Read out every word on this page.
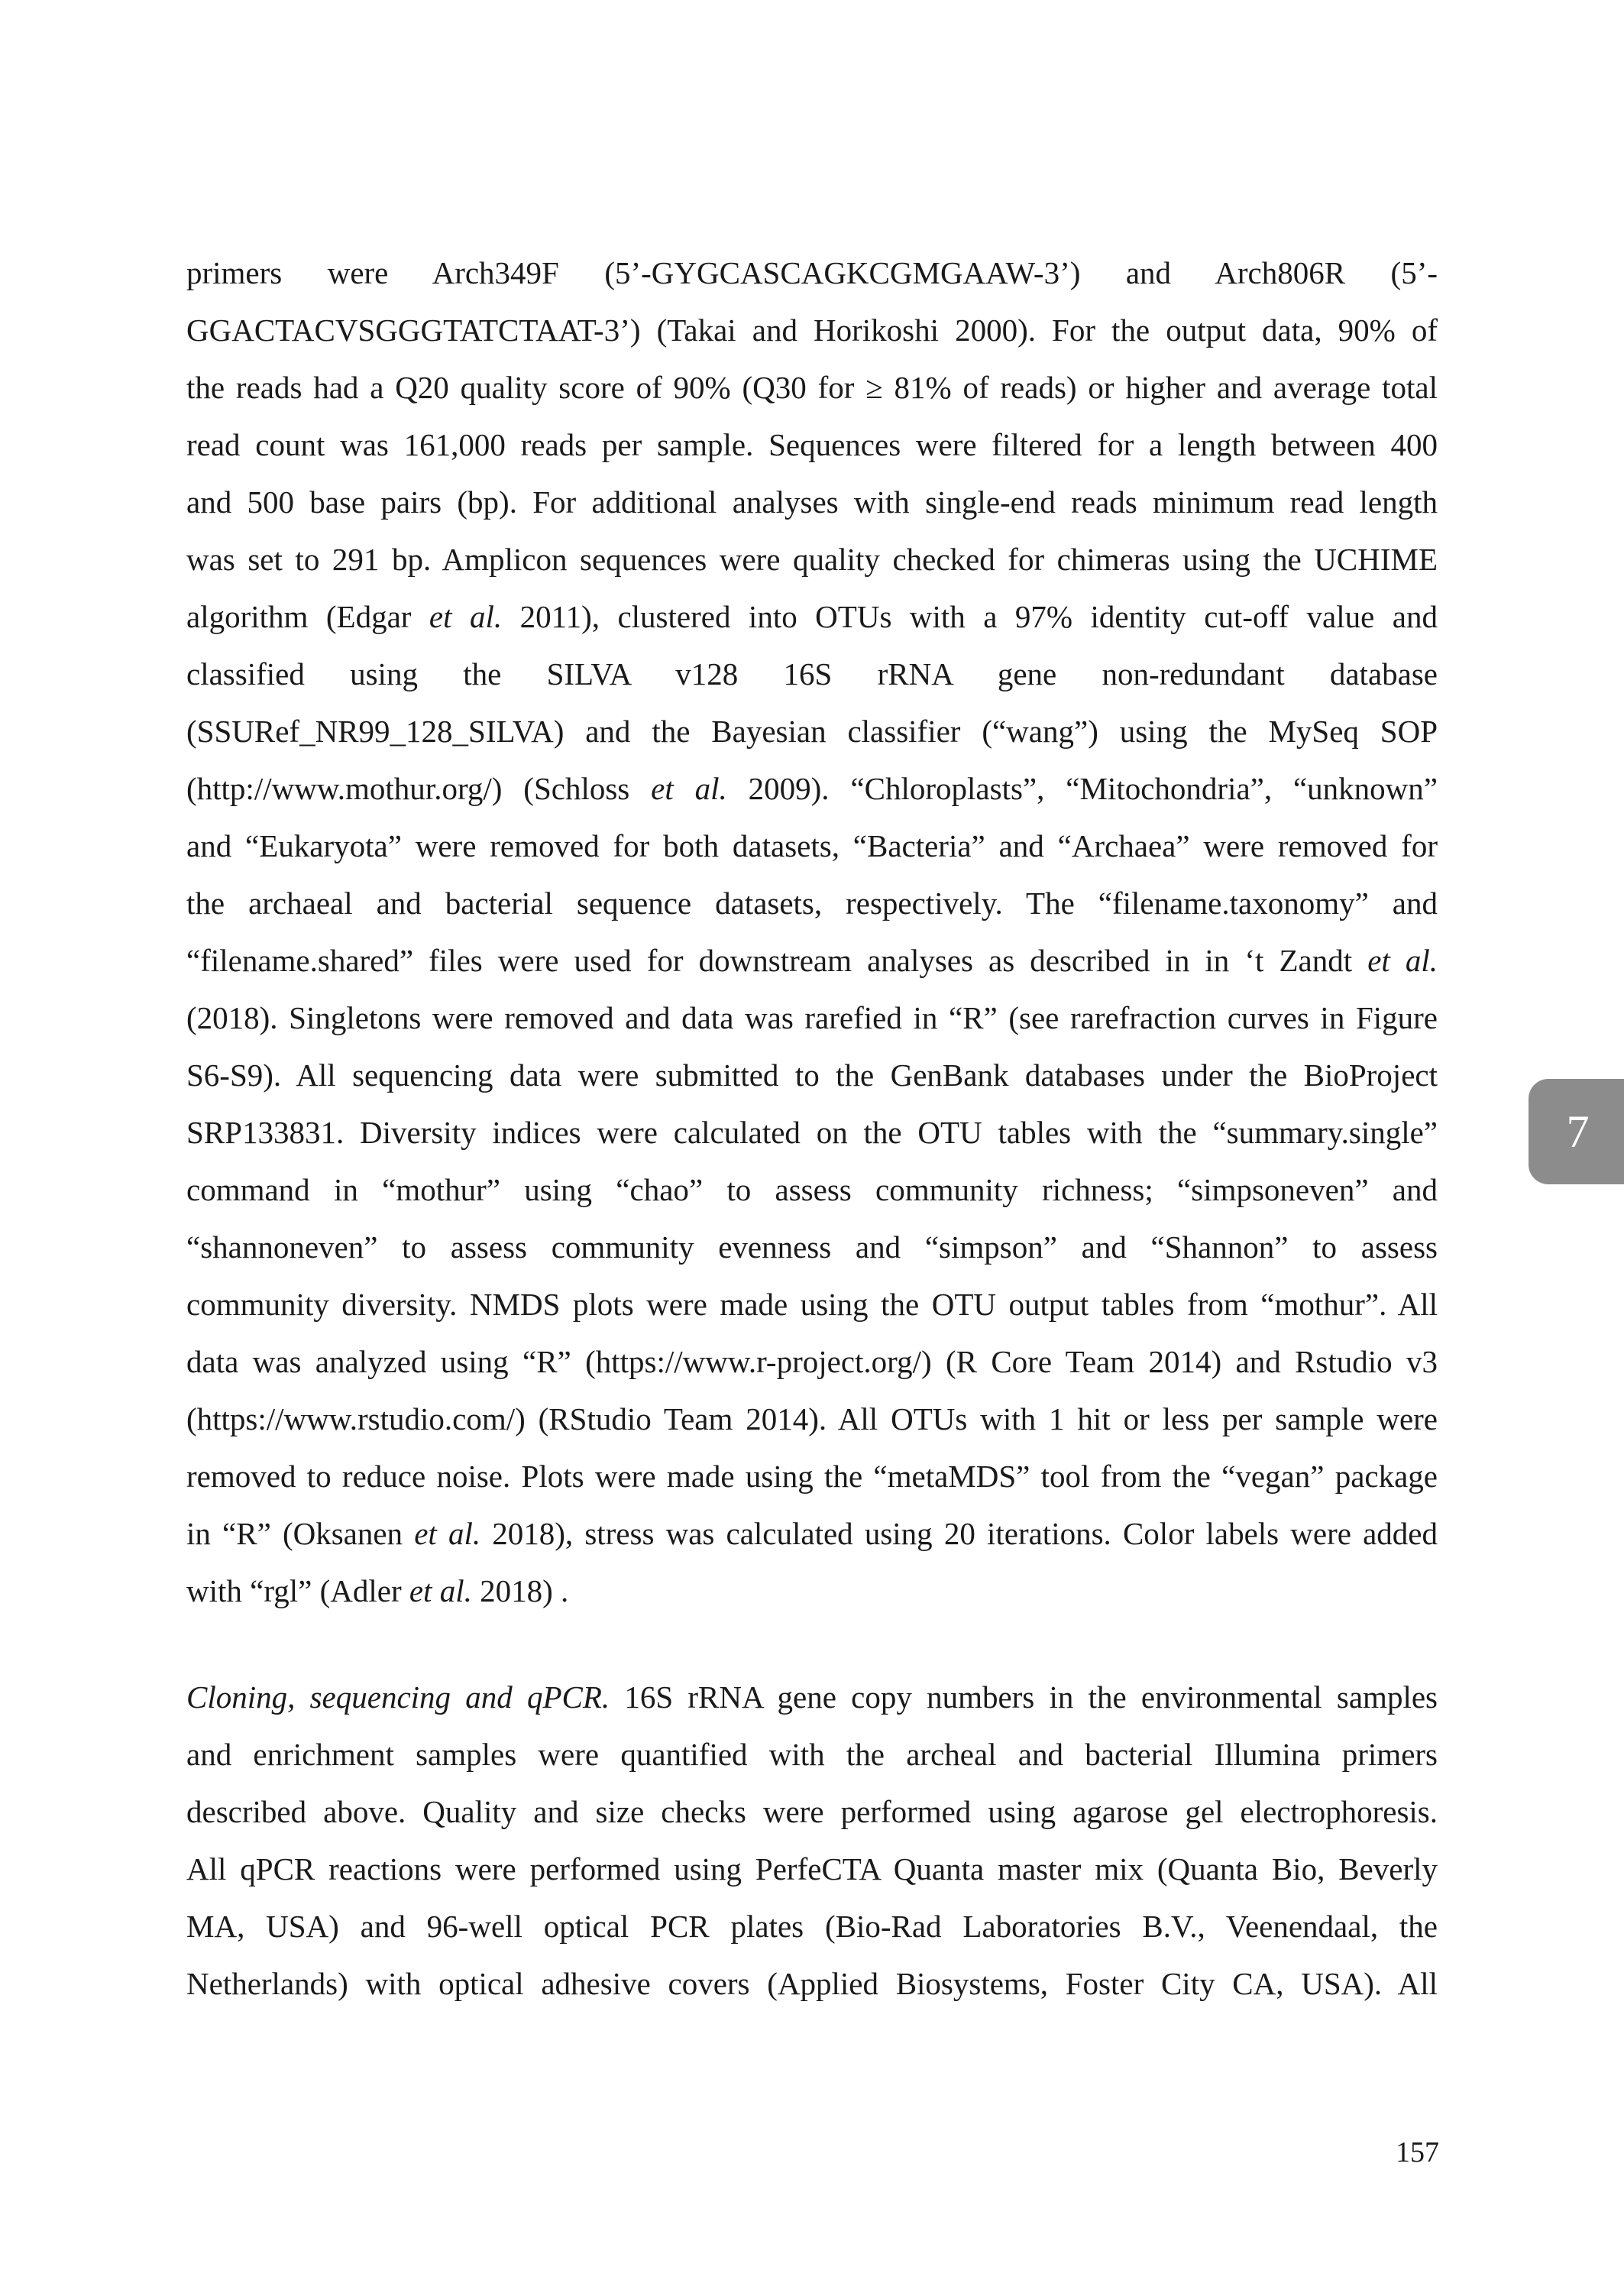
primers were Arch349F (5’-GYGCASCAGKCGMGAAW-3’) and Arch806R (5’-
GGACTACVSGGGTATCTAAT-3’) (Takai and Horikoshi 2000). For the output data, 90% of
the reads had a Q20 quality score of 90% (Q30 for ≥ 81% of reads) or higher and average total
read count was 161,000 reads per sample. Sequences were filtered for a length between 400
and 500 base pairs (bp). For additional analyses with single-end reads minimum read length
was set to 291 bp. Amplicon sequences were quality checked for chimeras using the UCHIME
algorithm (Edgar et al. 2011), clustered into OTUs with a 97% identity cut-off value and
classified using the SILVA v128 16S rRNA gene non-redundant database
(SSURef_NR99_128_SILVA) and the Bayesian classifier (“wang”) using the MySeq SOP
(http://www.mothur.org/) (Schloss et al. 2009). “Chloroplasts”, “Mitochondria”, “unknown”
and “Eukaryota” were removed for both datasets, “Bacteria” and “Archaea” were removed for
the archaeal and bacterial sequence datasets, respectively. The “filename.taxonomy” and
“filename.shared” files were used for downstream analyses as described in in ‘t Zandt et al.
(2018). Singletons were removed and data was rarefied in “R” (see rarefraction curves in Figure
S6-S9). All sequencing data were submitted to the GenBank databases under the BioProject
SRP133831. Diversity indices were calculated on the OTU tables with the “summary.single”
command in “mothur” using “chao” to assess community richness; “simpsoneven” and
“shannoneven” to assess community evenness and “simpson” and “Shannon” to assess
community diversity. NMDS plots were made using the OTU output tables from “mothur”. All
data was analyzed using “R” (https://www.r-project.org/) (R Core Team 2014) and Rstudio v3
(https://www.rstudio.com/) (RStudio Team 2014). All OTUs with 1 hit or less per sample were
removed to reduce noise. Plots were made using the “metaMDS” tool from the “vegan” package
in “R” (Oksanen et al. 2018), stress was calculated using 20 iterations. Color labels were added
with “rgl” (Adler et al. 2018) .
Cloning, sequencing and qPCR. 16S rRNA gene copy numbers in the environmental samples
and enrichment samples were quantified with the archeal and bacterial Illumina primers
described above. Quality and size checks were performed using agarose gel electrophoresis.
All qPCR reactions were performed using PerfeCTA Quanta master mix (Quanta Bio, Beverly
MA, USA) and 96-well optical PCR plates (Bio-Rad Laboratories B.V., Veenendaal, the
Netherlands) with optical adhesive covers (Applied Biosystems, Foster City CA, USA). All
7
157
